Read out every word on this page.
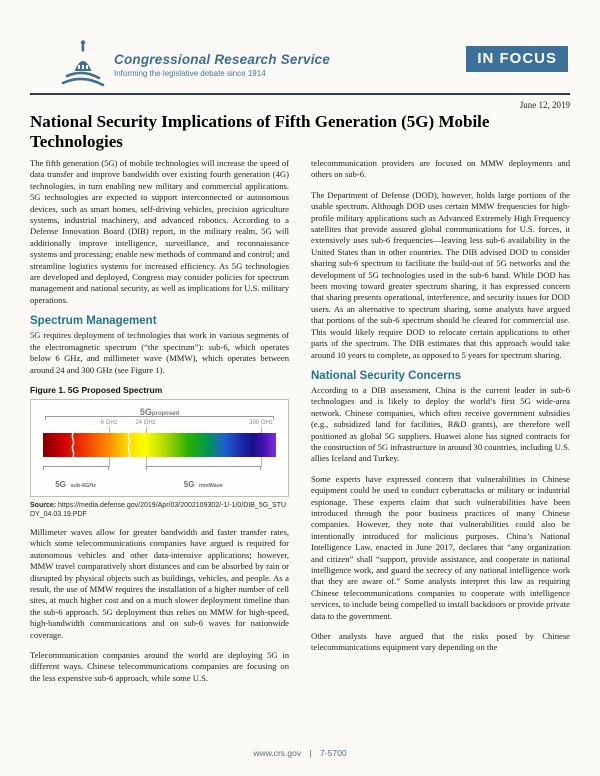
Congressional Research Service
Informing the legislative debate since 1914
IN FOCUS
June 12, 2019
National Security Implications of Fifth Generation (5G) Mobile Technologies

The fifth generation (5G) of mobile technologies will increase the speed of data transfer and improve bandwidth over existing fourth generation (4G) technologies, in turn enabling new military and commercial applications. 5G technologies are expected to support interconnected or autonomous devices, such as smart homes, self-driving vehicles, precision agriculture systems, industrial machinery, and advanced robotics. According to a Defense Innovation Board (DIB) report, in the military realm, 5G will additionally improve intelligence, surveillance, and reconnaissance systems and processing; enable new methods of command and control; and streamline logistics systems for increased efficiency. As 5G technologies are developed and deployed, Congress may consider policies for spectrum management and national security, as well as implications for U.S. military operations.

Spectrum Management

5G requires deployment of technologies that work in various segments of the electromagnetic spectrum (“the spectrum”): sub-6, which operates below 6 GHz, and millimeter wave (MMW), which operates between around 24 and 300 GHz (see Figure 1).

Figure 1. 5G Proposed Spectrum
5Gproposed
6 GHz	24 GHz	300 GHz
5G sub-6GHz	5G mmWave
Source: https://media.defense.gov/2019/Apr/03/2002109302/-1/-1/0/DIB_5G_STUDY_04.03.19.PDF

Millimeter waves allow for greater bandwidth and faster transfer rates, which some telecommunications companies have argued is required for autonomous vehicles and other data-intensive applications; however, MMW travel comparatively short distances and can be absorbed by rain or disrupted by physical objects such as buildings, vehicles, and people. As a result, the use of MMW requires the installation of a higher number of cell sites, at much higher cost and on a much slower deployment timeline than the sub-6 approach. 5G deployment thus relies on MMW for high-speed, high-bandwidth communications and on sub-6 waves for nationwide coverage.

Telecommunication companies around the world are deploying 5G in different ways. Chinese telecommunications companies are focusing on the less expensive sub-6 approach, while some U.S.

telecommunication providers are focused on MMW deployments and others on sub-6.

The Department of Defense (DOD), however, holds large portions of the usable spectrum. Although DOD uses certain MMW frequencies for high-profile military applications such as Advanced Extremely High Frequency satellites that provide assured global communications for U.S. forces, it extensively uses sub-6 frequencies—leaving less sub-6 availability in the United States than in other countries. The DIB advised DOD to consider sharing sub-6 spectrum to facilitate the build-out of 5G networks and the development of 5G technologies used in the sub-6 band. While DOD has been moving toward greater spectrum sharing, it has expressed concern that sharing presents operational, interference, and security issues for DOD users. As an alternative to spectrum sharing, some analysts have argued that portions of the sub-6 spectrum should be cleared for commercial use. This would likely require DOD to relocate certain applications to other parts of the spectrum. The DIB estimates that this approach would take around 10 years to complete, as opposed to 5 years for spectrum sharing.

National Security Concerns

According to a DIB assessment, China is the current leader in sub-6 technologies and is likely to deploy the world’s first 5G wide-area network. Chinese companies, which often receive government subsidies (e.g., subsidized land for facilities, R&D grants), are therefore well positioned as global 5G suppliers. Huawei alone has signed contracts for the construction of 5G infrastructure in around 30 countries, including U.S. allies Iceland and Turkey.

Some experts have expressed concern that vulnerabilities in Chinese equipment could be used to conduct cyberattacks or military or industrial espionage. These experts claim that such vulnerabilities have been introduced through the poor business practices of many Chinese companies. However, they note that vulnerabilities could also be intentionally introduced for malicious purposes. China’s National Intelligence Law, enacted in June 2017, declares that “any organization and citizen” shall “support, provide assistance, and cooperate in national intelligence work, and guard the secrecy of any national intelligence work that they are aware of.” Some analysts interpret this law as requiring Chinese telecommunications companies to cooperate with intelligence services, to include being compelled to install backdoors or provide private data to the government.

Other analysts have argued that the risks posed by Chinese telecommunications equipment vary depending on the

www.crs.gov | 7-5700
